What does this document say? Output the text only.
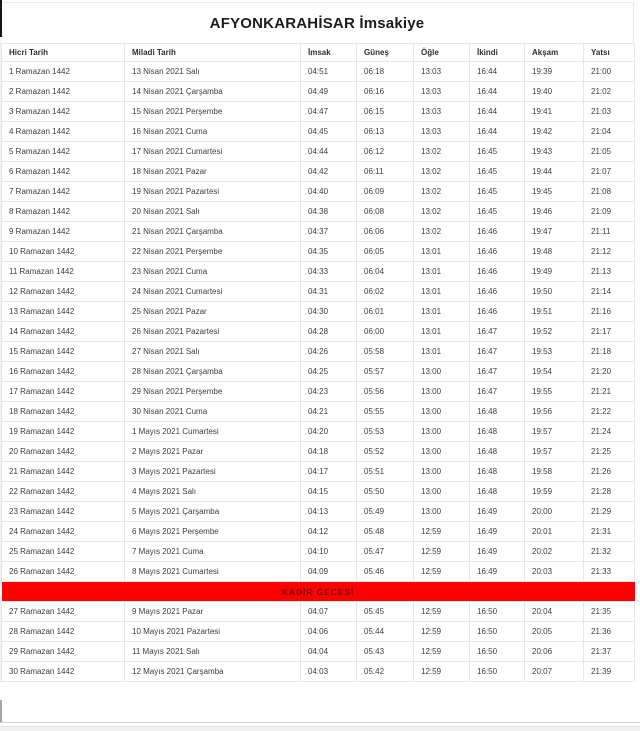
AFYONKARAHİSAR İmsakiye
Hicri Tarih	Miladi Tarih	İmsak	Güneş	Öğle	İkindi	Akşam	Yatsı
1 Ramazan 1442	13 Nisan 2021 Salı	04:51	06:18	13:03	16:44	19:39	21:00
2 Ramazan 1442	14 Nisan 2021 Çarşamba	04:49	06:16	13:03	16:44	19:40	21:02
3 Ramazan 1442	15 Nisan 2021 Perşembe	04:47	06:15	13:03	16:44	19:41	21:03
4 Ramazan 1442	16 Nisan 2021 Cuma	04:45	06:13	13:03	16:44	19:42	21:04
5 Ramazan 1442	17 Nisan 2021 Cumartesi	04:44	06:12	13:02	16:45	19:43	21:05
6 Ramazan 1442	18 Nisan 2021 Pazar	04:42	06:11	13:02	16:45	19:44	21:07
7 Ramazan 1442	19 Nisan 2021 Pazartesi	04:40	06:09	13:02	16:45	19:45	21:08
8 Ramazan 1442	20 Nisan 2021 Salı	04:38	06:08	13:02	16:45	19:46	21:09
9 Ramazan 1442	21 Nisan 2021 Çarşamba	04:37	06:06	13:02	16:46	19:47	21:11
10 Ramazan 1442	22 Nisan 2021 Perşembe	04:35	06:05	13:01	16:46	19:48	21:12
11 Ramazan 1442	23 Nisan 2021 Cuma	04:33	06:04	13:01	16:46	19:49	21:13
12 Ramazan 1442	24 Nisan 2021 Cumartesi	04:31	06:02	13:01	16:46	19:50	21:14
13 Ramazan 1442	25 Nisan 2021 Pazar	04:30	06:01	13:01	16:46	19:51	21:16
14 Ramazan 1442	26 Nisan 2021 Pazartesi	04:28	06:00	13:01	16:47	19:52	21:17
15 Ramazan 1442	27 Nisan 2021 Salı	04:26	05:58	13:01	16:47	19:53	21:18
16 Ramazan 1442	28 Nisan 2021 Çarşamba	04:25	05:57	13:00	16:47	19:54	21:20
17 Ramazan 1442	29 Nisan 2021 Perşembe	04:23	05:56	13:00	16:47	19:55	21:21
18 Ramazan 1442	30 Nisan 2021 Cuma	04:21	05:55	13:00	16:48	19:56	21:22
19 Ramazan 1442	1 Mayıs 2021 Cumartesi	04:20	05:53	13:00	16:48	19:57	21:24
20 Ramazan 1442	2 Mayıs 2021 Pazar	04:18	05:52	13:00	16:48	19:57	21:25
21 Ramazan 1442	3 Mayıs 2021 Pazartesi	04:17	05:51	13:00	16:48	19:58	21:26
22 Ramazan 1442	4 Mayıs 2021 Salı	04:15	05:50	13:00	16:48	19:59	21:28
23 Ramazan 1442	5 Mayıs 2021 Çarşamba	04:13	05:49	13:00	16:49	20:00	21:29
24 Ramazan 1442	6 Mayıs 2021 Perşembe	04:12	05:48	12:59	16:49	20:01	21:31
25 Ramazan 1442	7 Mayıs 2021 Cuma	04:10	05:47	12:59	16:49	20:02	21:32
26 Ramazan 1442	8 Mayıs 2021 Cumartesi	04:09	05:46	12:59	16:49	20:03	21:33
KADİR GECESİ							
27 Ramazan 1442	9 Mayıs 2021 Pazar	04:07	05:45	12:59	16:50	20:04	21:35
28 Ramazan 1442	10 Mayıs 2021 Pazartesi	04:06	05:44	12:59	16:50	20:05	21:36
29 Ramazan 1442	11 Mayıs 2021 Salı	04:04	05:43	12:59	16:50	20:06	21:37
30 Ramazan 1442	12 Mayıs 2021 Çarşamba	04:03	05:42	12:59	16:50	20:07	21:39
